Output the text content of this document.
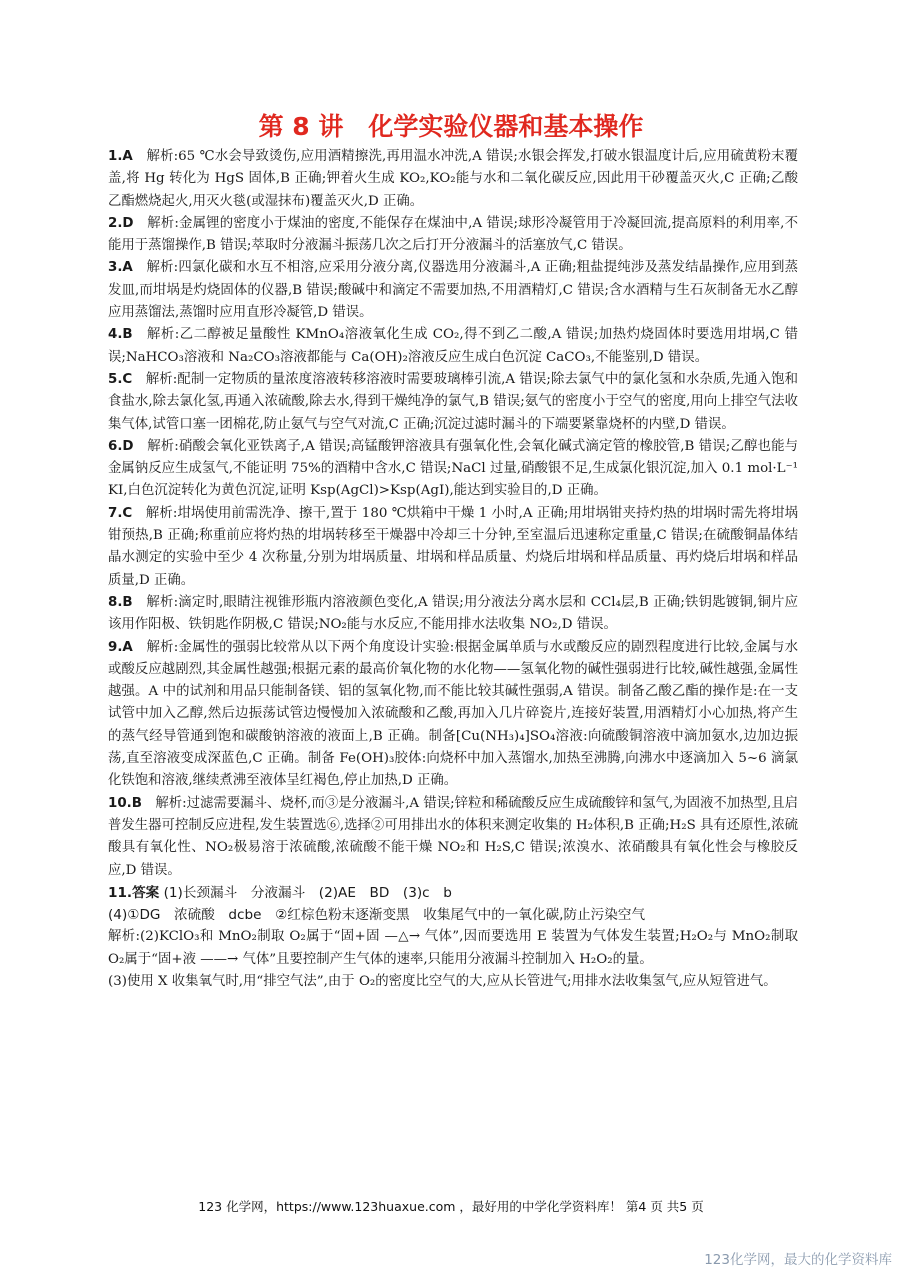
第 8 讲　化学实验仪器和基本操作

1.A　解析:65 ℃水会导致烫伤,应用酒精擦洗,再用温水冲洗,A 错误;水银会挥发,打破水银温度计后,应用硫黄粉末覆盖,将 Hg 转化为 HgS 固体,B 正确;钾着火生成 KO₂,KO₂能与水和二氧化碳反应,因此用干砂覆盖灭火,C 正确;乙酸乙酯燃烧起火,用灭火毯(或湿抹布)覆盖灭火,D 正确。

2.D　解析:金属锂的密度小于煤油的密度,不能保存在煤油中,A 错误;球形冷凝管用于冷凝回流,提高原料的利用率,不能用于蒸馏操作,B 错误;萃取时分液漏斗振荡几次之后打开分液漏斗的活塞放气,C 错误。

3.A　解析:四氯化碳和水互不相溶,应采用分液分离,仪器选用分液漏斗,A 正确;粗盐提纯涉及蒸发结晶操作,应用到蒸发皿,而坩埚是灼烧固体的仪器,B 错误;酸碱中和滴定不需要加热,不用酒精灯,C 错误;含水酒精与生石灰制备无水乙醇应用蒸馏法,蒸馏时应用直形冷凝管,D 错误。

4.B　解析:乙二醇被足量酸性 KMnO₄溶液氧化生成 CO₂,得不到乙二酸,A 错误;加热灼烧固体时要选用坩埚,C 错误;NaHCO₃溶液和 Na₂CO₃溶液都能与 Ca(OH)₂溶液反应生成白色沉淀 CaCO₃,不能鉴别,D 错误。

5.C　解析:配制一定物质的量浓度溶液转移溶液时需要玻璃棒引流,A 错误;除去氯气中的氯化氢和水杂质,先通入饱和食盐水,除去氯化氢,再通入浓硫酸,除去水,得到干燥纯净的氯气,B 错误;氨气的密度小于空气的密度,用向上排空气法收集气体,试管口塞一团棉花,防止氨气与空气对流,C 正确;沉淀过滤时漏斗的下端要紧靠烧杯的内壁,D 错误。

6.D　解析:硝酸会氧化亚铁离子,A 错误;高锰酸钾溶液具有强氧化性,会氧化碱式滴定管的橡胶管,B 错误;乙醇也能与金属钠反应生成氢气,不能证明 75%的酒精中含水,C 错误;NaCl 过量,硝酸银不足,生成氯化银沉淀,加入 0.1 mol·L⁻¹ KI,白色沉淀转化为黄色沉淀,证明 Ksp(AgCl)>Ksp(AgI),能达到实验目的,D 正确。

7.C　解析:坩埚使用前需洗净、擦干,置于 180 ℃烘箱中干燥 1 小时,A 正确;用坩埚钳夹持灼热的坩埚时需先将坩埚钳预热,B 正确;称重前应将灼热的坩埚转移至干燥器中冷却三十分钟,至室温后迅速称定重量,C 错误;在硫酸铜晶体结晶水测定的实验中至少 4 次称量,分别为坩埚质量、坩埚和样品质量、灼烧后坩埚和样品质量、再灼烧后坩埚和样品质量,D 正确。

8.B　解析:滴定时,眼睛注视锥形瓶内溶液颜色变化,A 错误;用分液法分离水层和 CCl₄层,B 正确;铁钥匙镀铜,铜片应该用作阳极、铁钥匙作阴极,C 错误;NO₂能与水反应,不能用排水法收集 NO₂,D 错误。

9.A　解析:金属性的强弱比较常从以下两个角度设计实验:根据金属单质与水或酸反应的剧烈程度进行比较,金属与水或酸反应越剧烈,其金属性越强;根据元素的最高价氧化物的水化物——氢氧化物的碱性强弱进行比较,碱性越强,金属性越强。A 中的试剂和用品只能制备镁、铝的氢氧化物,而不能比较其碱性强弱,A 错误。制备乙酸乙酯的操作是:在一支试管中加入乙醇,然后边振荡试管边慢慢加入浓硫酸和乙酸,再加入几片碎瓷片,连接好装置,用酒精灯小心加热,将产生的蒸气经导管通到饱和碳酸钠溶液的液面上,B 正确。制备[Cu(NH₃)₄]SO₄溶液:向硫酸铜溶液中滴加氨水,边加边振荡,直至溶液变成深蓝色,C 正确。制备 Fe(OH)₃胶体:向烧杯中加入蒸馏水,加热至沸腾,向沸水中逐滴加入 5~6 滴氯化铁饱和溶液,继续煮沸至液体呈红褐色,停止加热,D 正确。

10.B　解析:过滤需要漏斗、烧杯,而③是分液漏斗,A 错误;锌粒和稀硫酸反应生成硫酸锌和氢气,为固液不加热型,且启普发生器可控制反应进程,发生装置选⑥,选择②可用排出水的体积来测定收集的 H₂体积,B 正确;H₂S 具有还原性,浓硫酸具有氧化性、NO₂极易溶于浓硫酸,浓硫酸不能干燥 NO₂和 H₂S,C 错误;浓溴水、浓硝酸具有氧化性会与橡胶反应,D 错误。

11.答案 (1)长颈漏斗　分液漏斗　(2)AE　BD　(3)c　b

(4)①DG　浓硫酸　dcbe　②红棕色粉末逐渐变黑　收集尾气中的一氧化碳,防止污染空气

解析:(2)KClO₃和 MnO₂制取 O₂属于“固+固 —△→ 气体”,因而要选用 E 装置为气体发生装置;H₂O₂与 MnO₂制取 O₂属于“固+液 ——→ 气体”且要控制产生气体的速率,只能用分液漏斗控制加入 H₂O₂的量。

(3)使用 X 收集氧气时,用“排空气法”,由于 O₂的密度比空气的大,应从长管进气;用排水法收集氢气,应从短管进气。

123 化学网，https://www.123huaxue.com ，最好用的中学化学资料库！ 第4 页 共5 页
123化学网，最大的化学资料库
